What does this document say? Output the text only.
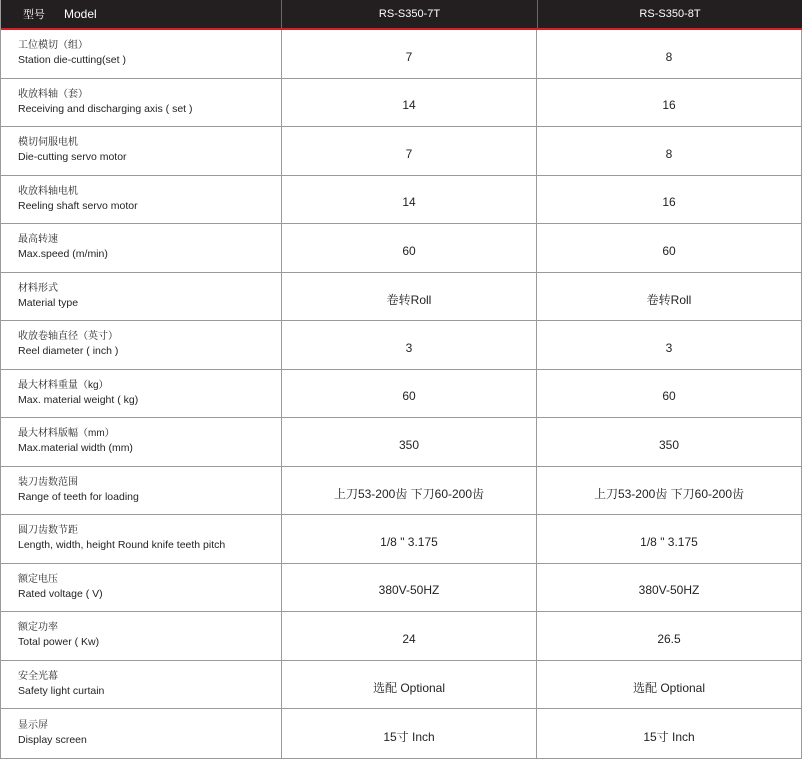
型号 Model	RS-S350-7T	RS-S350-8T
工位模切（组）
Station die-cutting(set )	7	8
收放料轴（套）
Receiving and discharging axis ( set )	14	16
模切伺服电机
Die-cutting servo motor	7	8
收放料轴电机
Reeling shaft servo motor	14	16
最高转速
Max.speed (m/min)	60	60
材料形式
Material type	卷转Roll	卷转Roll
收放卷轴直径（英寸）
Reel diameter ( inch )	3	3
最大材料重量（kg）
Max. material weight ( kg)	60	60
最大材料版幅（mm）
Max.material width (mm)	350	350
装刀齿数范围
Range of teeth for loading	上刀53-200齿 下刀60-200齿	上刀53-200齿 下刀60-200齿
圆刀齿数节距
Length, width, height Round knife teeth pitch	1/8 " 3.175	1/8 " 3.175
额定电压
Rated voltage ( V)	380V-50HZ	380V-50HZ
额定功率
Total power ( Kw)	24	26.5
安全光幕
Safety light curtain	选配 Optional	选配 Optional
显示屏
Display screen	15寸 Inch	15寸 Inch
